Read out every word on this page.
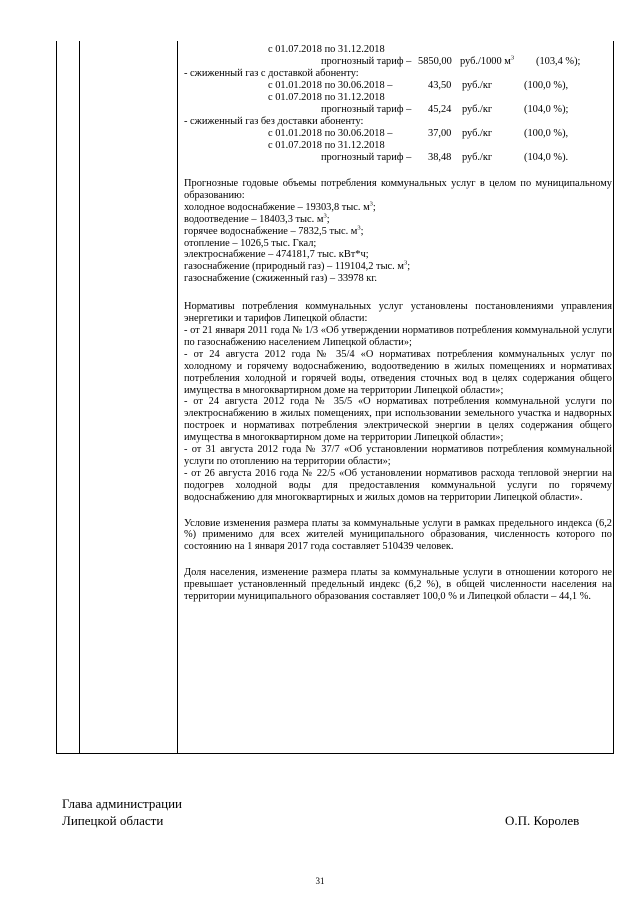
с 01.07.2018 по 31.12.2018
прогнозный тариф – 5850,00 руб./1000 $м^3$ (103,4 %);
- сжиженный газ с доставкой абоненту:
с 01.01.2018 по 30.06.2018 –	43,50 руб./кг	(100,0 %),
с 01.07.2018 по 31.12.2018
прогнозный тариф – 45,24 руб./кг	(104,0 %);
- сжиженный газ без доставки абоненту:
с 01.01.2018 по 30.06.2018 –	37,00 руб./кг	(100,0 %),
с 01.07.2018 по 31.12.2018
прогнозный тариф – 38,48 руб./кг	(104,0 %).

Прогнозные годовые объемы потребления коммунальных услуг в целом по муниципальному образованию:

холодное водоснабжение – 19303,8 тыс. $м^3$;
водоотведение – 18403,3 тыс. $м^3$;
горячее водоснабжение – 7832,5 тыс. $м^3$;
отопление – 1026,5 тыс. Гкал;
электроснабжение – 474181,7 тыс. кВт*ч;
газоснабжение (природный газ) – 119104,2 тыс. $м^3$;
газоснабжение (сжиженный газ) – 33978 кг.

Нормативы потребления коммунальных услуг установлены постановлениями управления энергетики и тарифов Липецкой области:

- от 21 января 2011 года № 1/3 «Об утверждении нормативов потребления коммунальной услуги по газоснабжению населением Липецкой области»;

- от 24 августа 2012 года № 35/4 «О нормативах потребления коммунальных услуг по холодному и горячему водоснабжению, водоотведению в жилых помещениях и нормативах потребления холодной и горячей воды, отведения сточных вод в целях содержания общего имущества в многоквартирном доме на территории Липецкой области»;

- от 24 августа 2012 года № 35/5 «О нормативах потребления коммунальной услуги по электроснабжению в жилых помещениях, при использовании земельного участка и надворных построек и нормативах потребления электрической энергии в целях содержания общего имущества в многоквартирном доме на территории Липецкой области»;

- от 31 августа 2012 года № 37/7 «Об установлении нормативов потребления коммунальной услуги по отоплению на территории области»;

- от 26 августа 2016 года № 22/5 «Об установлении нормативов расхода тепловой энергии на подогрев холодной воды для предоставления коммунальной услуги по горячему водоснабжению для многоквартирных и жилых домов на территории Липецкой области».

Условие изменения размера платы за коммунальные услуги в рамках предельного индекса (6,2 %) применимо для всех жителей муниципального образования, численность которого по состоянию на 1 января 2017 года составляет 510439 человек.

Доля населения, изменение размера платы за коммунальные услуги в отношении которого не превышает установленный предельный индекс (6,2 %), в общей численности населения на территории муниципального образования составляет 100,0 % и Липецкой области – 44,1 %.

Глава администрации
Липецкой области	О.П. Королев
31
